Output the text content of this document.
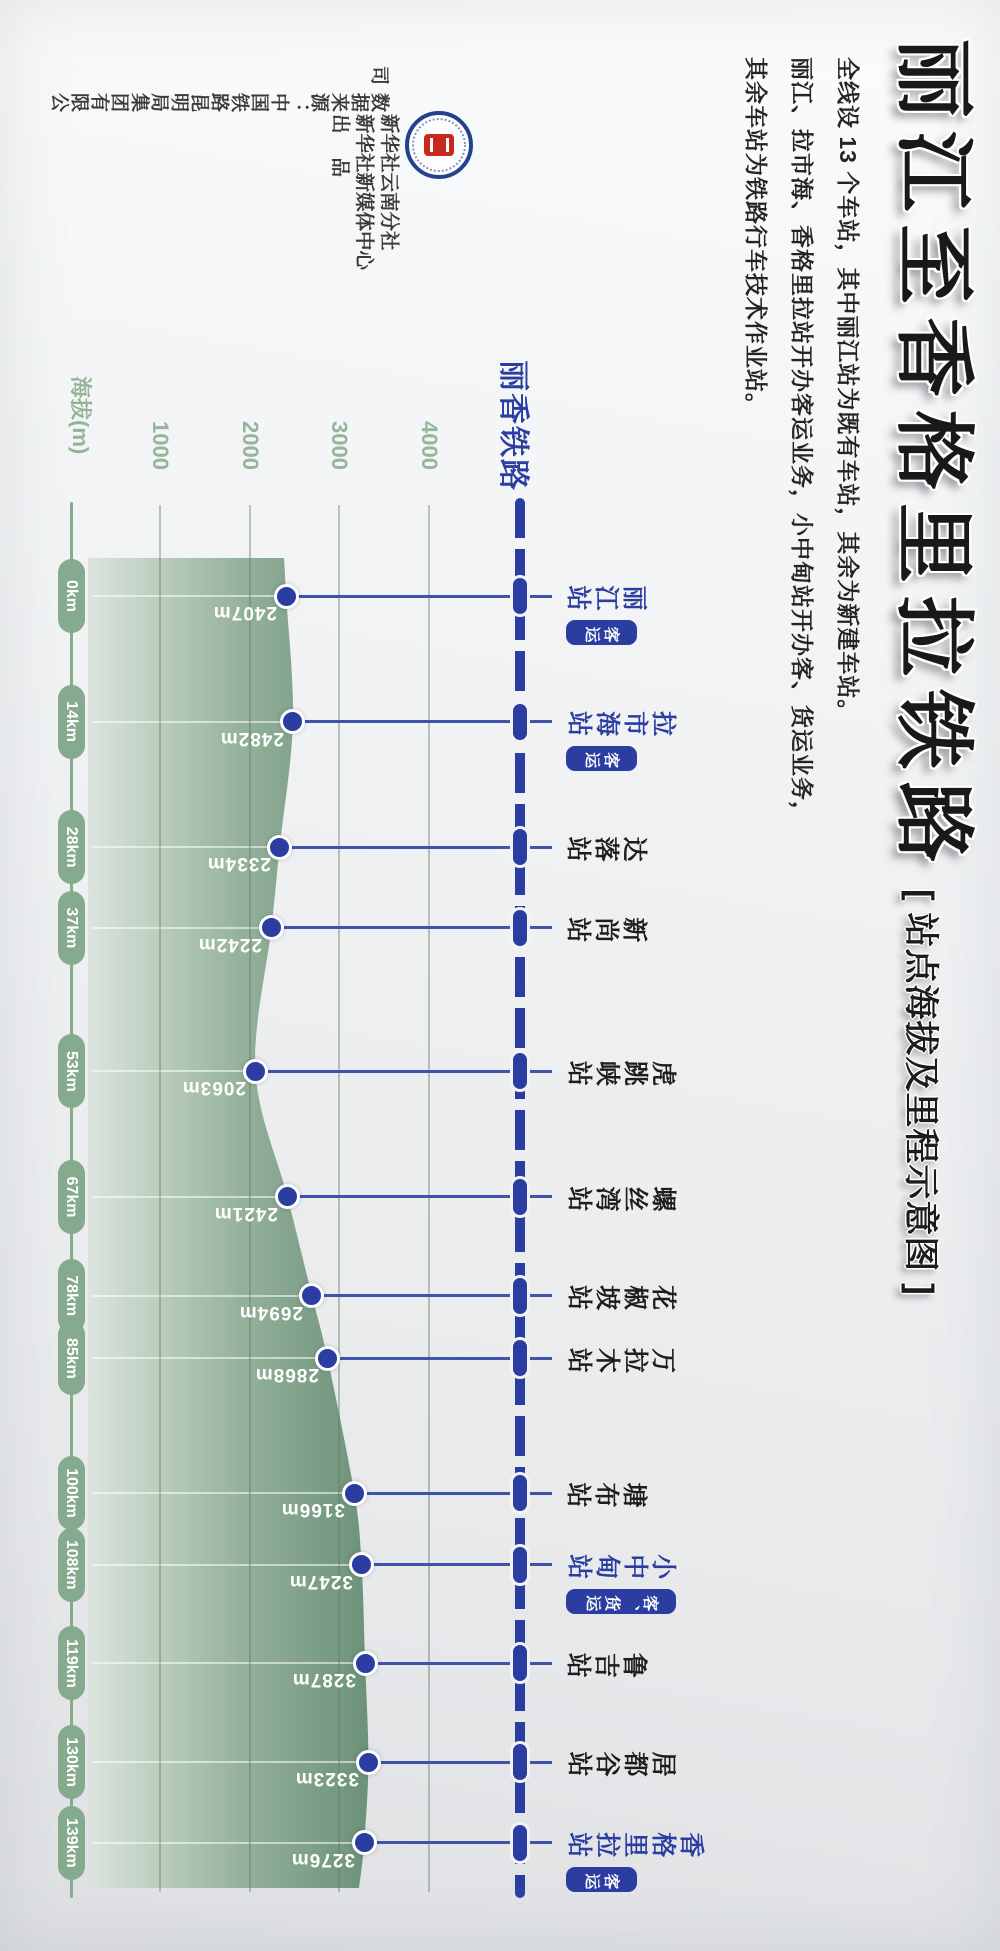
丽江至香格里拉铁路
[ 站点海拔及里程示意图 ]
全线设 13 个车站，其中丽江站为既有车站，其余为新建车站。
丽江、拉市海、香格里拉站开办客运业务，小中甸站开办客、货运业务，
其余车站为铁路行车技术作业站。
丽香铁路
海拔(m)	1000	2000	3000	4000
2407m
丽江站
客运
0km
2482m
拉市海站
客运
14km
2334m
达落站
28km
2242m
新尚站
37km
2063m
虎跳峡站
53km
2421m
螺丝湾站
67km
2694m
花椒坡站
78km
2868m
万拉木站
85km
3166m
塘布站
100km
3247m
小中甸站
客、货运
108km
3287m
鲁吉站
119km
3323m
居都谷站
130km
3276m
香格里拉站
客运
139km
新华社云南分社
新华社新媒体中心
出品
数据来源：中国铁路昆明局集团有限公司
